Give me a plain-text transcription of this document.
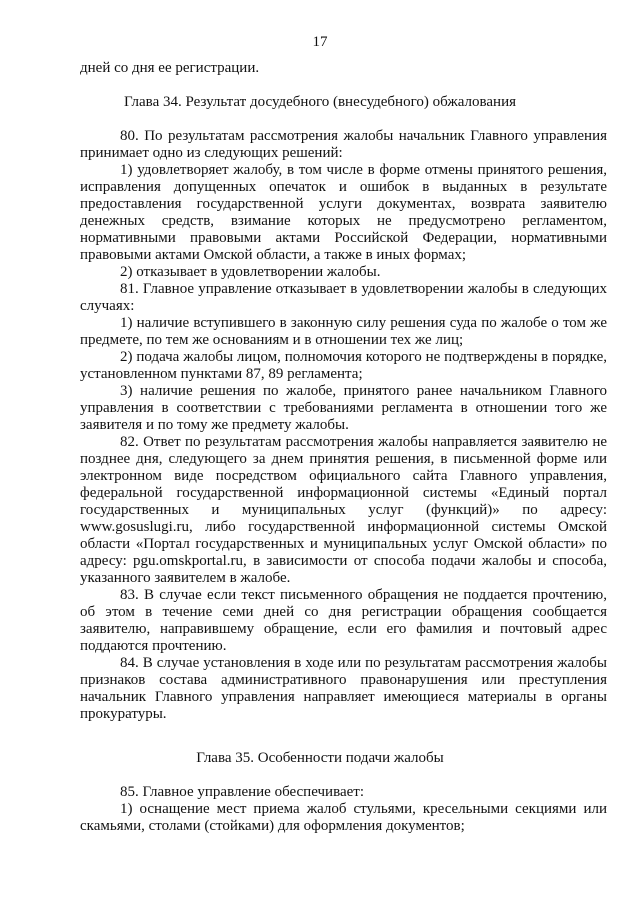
17

дней со дня ее регистрации.

Глава 34. Результат досудебного (внесудебного) обжалования

80. По результатам рассмотрения жалобы начальник Главного управления принимает одно из следующих решений:

1) удовлетворяет жалобу, в том числе в форме отмены принятого решения, исправления допущенных опечаток и ошибок в выданных в результате предоставления государственной услуги документах, возврата заявителю денежных средств, взимание которых не предусмотрено регламентом, нормативными правовыми актами Российской Федерации, нормативными правовыми актами Омской области, а также в иных формах;

2) отказывает в удовлетворении жалобы.

81. Главное управление отказывает в удовлетворении жалобы в следующих случаях:

1) наличие вступившего в законную силу решения суда по жалобе о том же предмете, по тем же основаниям и в отношении тех же лиц;

2) подача жалобы лицом, полномочия которого не подтверждены в порядке, установленном пунктами 87, 89 регламента;

3) наличие решения по жалобе, принятого ранее начальником Главного управления в соответствии с требованиями регламента в отношении того же заявителя и по тому же предмету жалобы.

82. Ответ по результатам рассмотрения жалобы направляется заявителю не позднее дня, следующего за днем принятия решения, в письменной форме или электронном виде посредством официального сайта Главного управления, федеральной государственной информационной системы «Единый портал государственных и муниципальных услуг (функций)» по адресу: www.gosuslugi.ru, либо государственной информационной системы Омской области «Портал государственных и муниципальных услуг Омской области» по адресу: pgu.omskportal.ru, в зависимости от способа подачи жалобы и способа, указанного заявителем в жалобе.

83. В случае если текст письменного обращения не поддается прочтению, об этом в течение семи дней со дня регистрации обращения сообщается заявителю, направившему обращение, если его фамилия и почтовый адрес поддаются прочтению.

84. В случае установления в ходе или по результатам рассмотрения жалобы признаков состава административного правонарушения или преступления начальник Главного управления направляет имеющиеся материалы в органы прокуратуры.

Глава 35. Особенности подачи жалобы

85. Главное управление обеспечивает:

1) оснащение мест приема жалоб стульями, кресельными секциями или скамьями, столами (стойками) для оформления документов;
